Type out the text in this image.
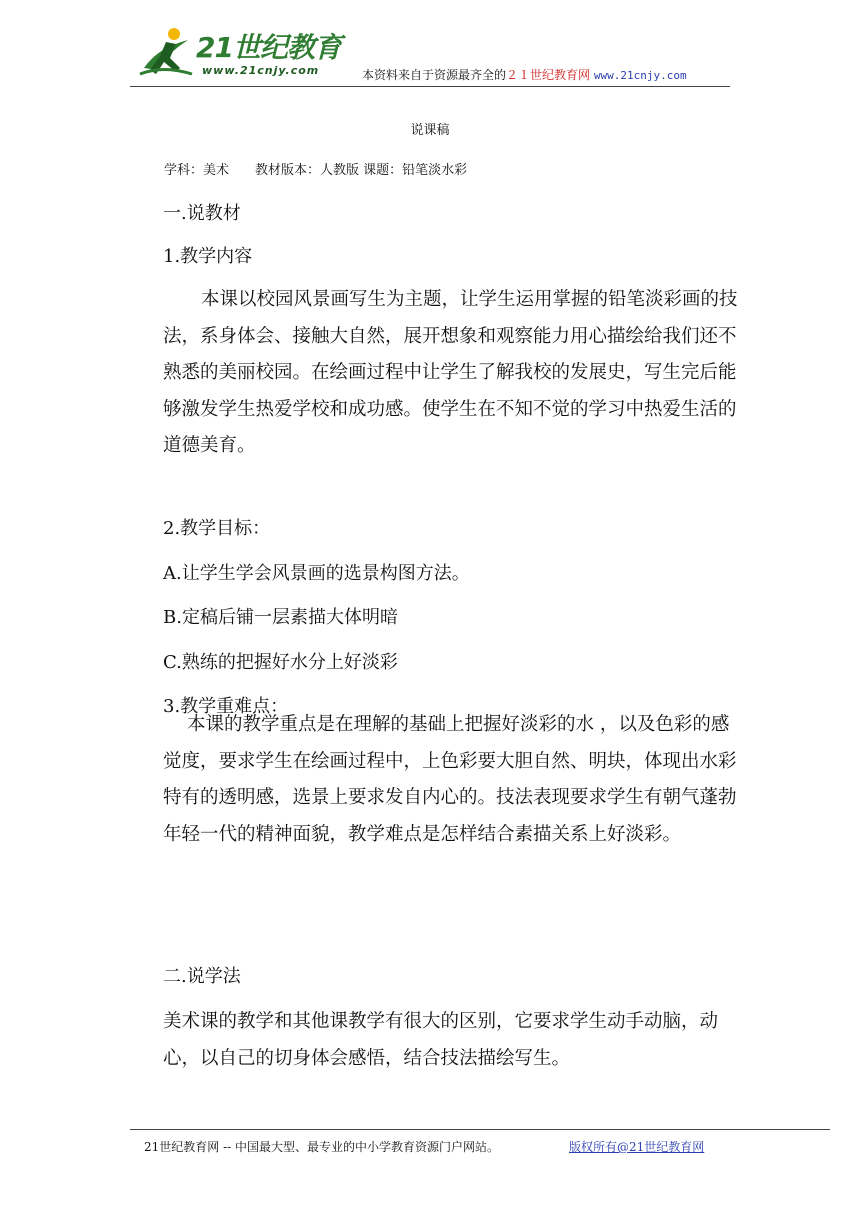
21世纪教育
www.21cnjy.com	本资料来自于资源最齐全的２１世纪教育网 www.21cnjy.com
说课稿
学科：美术　　教材版本：人教版 课题：铅笔淡水彩
一.说教材
1.教学内容

本课以校园风景画写生为主题，让学生运用掌握的铅笔淡彩画的技法，系身体会、接触大自然，展开想象和观察能力用心描绘给我们还不熟悉的美丽校园。在绘画过程中让学生了解我校的发展史，写生完后能够激发学生热爱学校和成功感。使学生在不知不觉的学习中热爱生活的道德美育。

2.教学目标：
A.让学生学会风景画的选景构图方法。
B.定稿后铺一层素描大体明暗
C.熟练的把握好水分上好淡彩
3.教学重难点：

本课的教学重点是在理解的基础上把握好淡彩的水 ，以及色彩的感觉度，要求学生在绘画过程中，上色彩要大胆自然、明块，体现出水彩特有的透明感，选景上要求发自内心的。技法表现要求学生有朝气蓬勃年轻一代的精神面貌，教学难点是怎样结合素描关系上好淡彩。

二.说学法

美术课的教学和其他课教学有很大的区别，它要求学生动手动脑，动心，以自己的切身体会感悟，结合技法描绘写生。

21世纪教育网 -- 中国最大型、最专业的中小学教育资源门户网站。	版权所有@21世纪教育网
